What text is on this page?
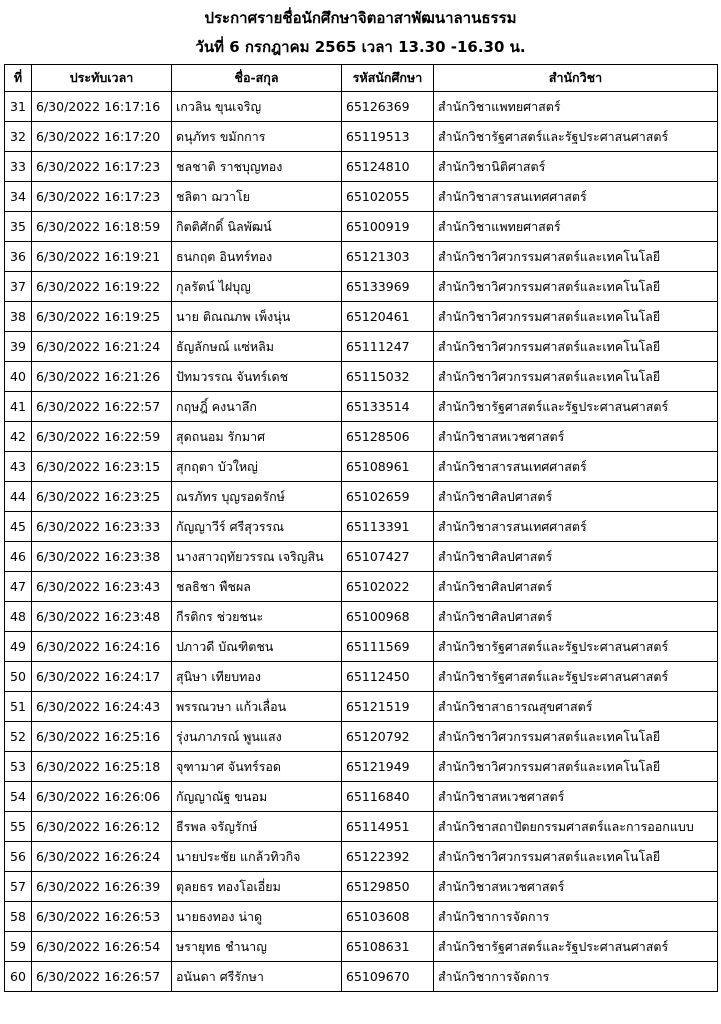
ประกาศรายชื่อนักศึกษาจิตอาสาพัฒนาลานธรรม
วันที่ 6 กรกฎาคม 2565 เวลา 13.30 -16.30 น.
ที่	ประทับเวลา	ชื่อ-สกุล	รหัสนักศึกษา	สำนักวิชา
31	6/30/2022 16:17:16	เกวลิน ขุนเจริญ	65126369	สำนักวิชาแพทยศาสตร์
32	6/30/2022 16:17:20	ดนุภัทร ขมักการ	65119513	สำนักวิชารัฐศาสตร์และรัฐประศาสนศาสตร์
33	6/30/2022 16:17:23	ชลชาติ ราชบุญทอง	65124810	สำนักวิชานิติศาสตร์
34	6/30/2022 16:17:23	ชลิตา ฌวาโย	65102055	สำนักวิชาสารสนเทศศาสตร์
35	6/30/2022 16:18:59	กิตติศักดิ์ นิลพัฒน์	65100919	สำนักวิชาแพทยศาสตร์
36	6/30/2022 16:19:21	ธนกฤต อินทร์ทอง	65121303	สำนักวิชาวิศวกรรมศาสตร์และเทคโนโลยี
37	6/30/2022 16:19:22	กุลรัตน์ ไฝบุญ	65133969	สำนักวิชาวิศวกรรมศาสตร์และเทคโนโลยี
38	6/30/2022 16:19:25	นาย ติณณภพ เพ็งนุ่น	65120461	สำนักวิชาวิศวกรรมศาสตร์และเทคโนโลยี
39	6/30/2022 16:21:24	ธัญลักษณ์ แซ่หลิม	65111247	สำนักวิชาวิศวกรรมศาสตร์และเทคโนโลยี
40	6/30/2022 16:21:26	ปัทมวรรณ จันทร์เดช	65115032	สำนักวิชาวิศวกรรมศาสตร์และเทคโนโลยี
41	6/30/2022 16:22:57	กฤษฎิ์ คงนาลึก	65133514	สำนักวิชารัฐศาสตร์และรัฐประศาสนศาสตร์
42	6/30/2022 16:22:59	สุดถนอม รักมาศ	65128506	สำนักวิชาสหเวชศาสตร์
43	6/30/2022 16:23:15	สุกฤตา บัวใหญ่	65108961	สำนักวิชาสารสนเทศศาสตร์
44	6/30/2022 16:23:25	ณรภัทร บุญรอดรักษ์	65102659	สำนักวิชาศิลปศาสตร์
45	6/30/2022 16:23:33	กัญญาวีร์ ศรีสุวรรณ	65113391	สำนักวิชาสารสนเทศศาสตร์
46	6/30/2022 16:23:38	นางสาวฤทัยวรรณ เจริญสิน	65107427	สำนักวิชาศิลปศาสตร์
47	6/30/2022 16:23:43	ชลธิชา พืชผล	65102022	สำนักวิชาศิลปศาสตร์
48	6/30/2022 16:23:48	กีรติกร ช่วยชนะ	65100968	สำนักวิชาศิลปศาสตร์
49	6/30/2022 16:24:16	ปภาวดี บัณฑิตชน	65111569	สำนักวิชารัฐศาสตร์และรัฐประศาสนศาสตร์
50	6/30/2022 16:24:17	สุนิษา เทียบทอง	65112450	สำนักวิชารัฐศาสตร์และรัฐประศาสนศาสตร์
51	6/30/2022 16:24:43	พรรณวษา แก้วเลื่อน	65121519	สำนักวิชาสาธารณสุขศาสตร์
52	6/30/2022 16:25:16	รุ่งนภาภรณ์ พูนแสง	65120792	สำนักวิชาวิศวกรรมศาสตร์และเทคโนโลยี
53	6/30/2022 16:25:18	จุฑามาศ จันทร์รอด	65121949	สำนักวิชาวิศวกรรมศาสตร์และเทคโนโลยี
54	6/30/2022 16:26:06	กัญญาณัฐ ขนอม	65116840	สำนักวิชาสหเวชศาสตร์
55	6/30/2022 16:26:12	ธีรพล จรัญรักษ์	65114951	สำนักวิชาสถาปัตยกรรมศาสตร์และการออกแบบ
56	6/30/2022 16:26:24	นายประชัย แกล้วทิวกิจ	65122392	สำนักวิชาวิศวกรรมศาสตร์และเทคโนโลยี
57	6/30/2022 16:26:39	ตุลยธร ทองโอเอี่ยม	65129850	สำนักวิชาสหเวชศาสตร์
58	6/30/2022 16:26:53	นายธงทอง น่าดู	65103608	สำนักวิชาการจัดการ
59	6/30/2022 16:26:54	ษรายุทธ ชำนาญ	65108631	สำนักวิชารัฐศาสตร์และรัฐประศาสนศาสตร์
60	6/30/2022 16:26:57	อนันดา ศรีรักษา	65109670	สำนักวิชาการจัดการ
